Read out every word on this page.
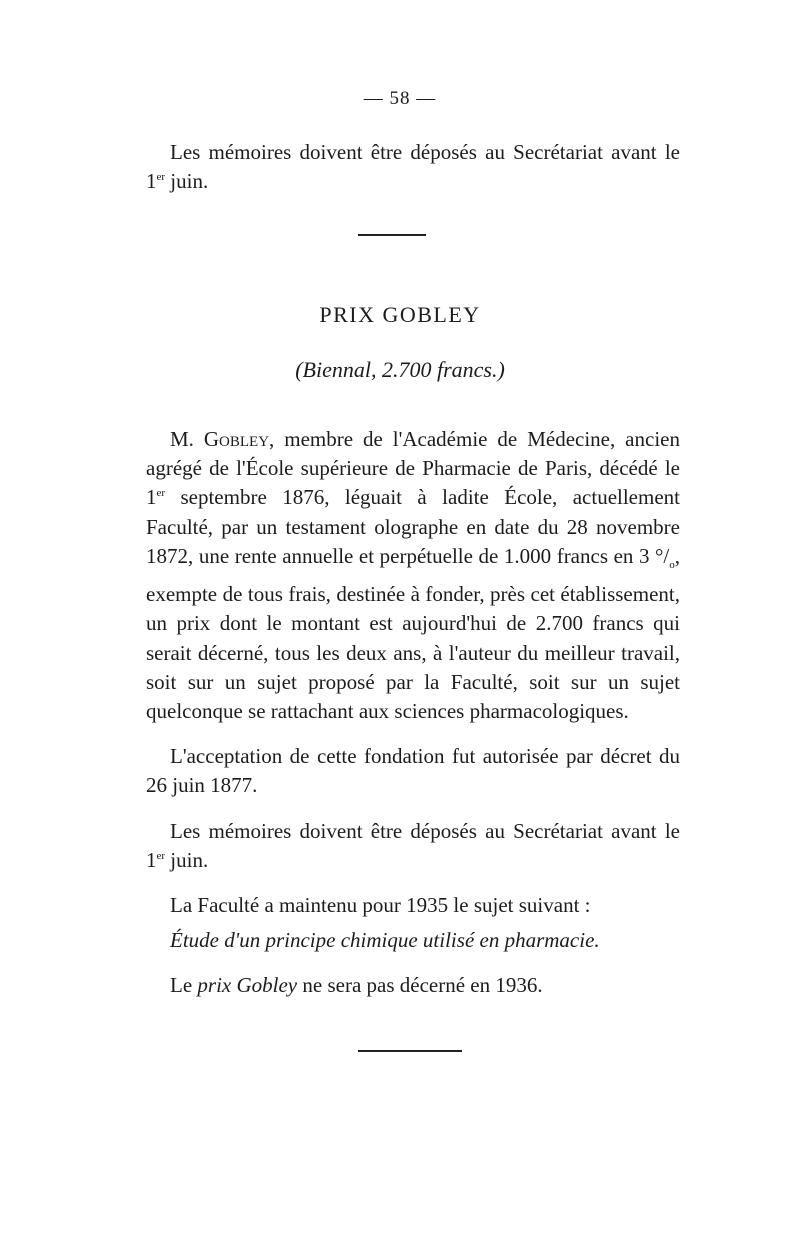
— 58 —

Les mémoires doivent être déposés au Secrétariat avant le 1er juin.

PRIX GOBLEY
(Biennal, 2.700 francs.)

M. Gobley, membre de l'Académie de Médecine, ancien agrégé de l'École supérieure de Pharmacie de Paris, décédé le 1er septembre 1876, léguait à ladite École, actuellement Faculté, par un testament olographe en date du 28 novembre 1872, une rente annuelle et perpétuelle de 1.000 francs en 3 $^\circ/_o$, exempte de tous frais, destinée à fonder, près cet établissement, un prix dont le montant est aujourd'hui de 2.700 francs qui serait décerné, tous les deux ans, à l'auteur du meilleur travail, soit sur un sujet proposé par la Faculté, soit sur un sujet quelconque se rattachant aux sciences pharmacologiques.

L'acceptation de cette fondation fut autorisée par décret du 26 juin 1877.

Les mémoires doivent être déposés au Secrétariat avant le 1er juin.

La Faculté a maintenu pour 1935 le sujet suivant :

Étude d'un principe chimique utilisé en pharmacie.

Le prix Gobley ne sera pas décerné en 1936.
